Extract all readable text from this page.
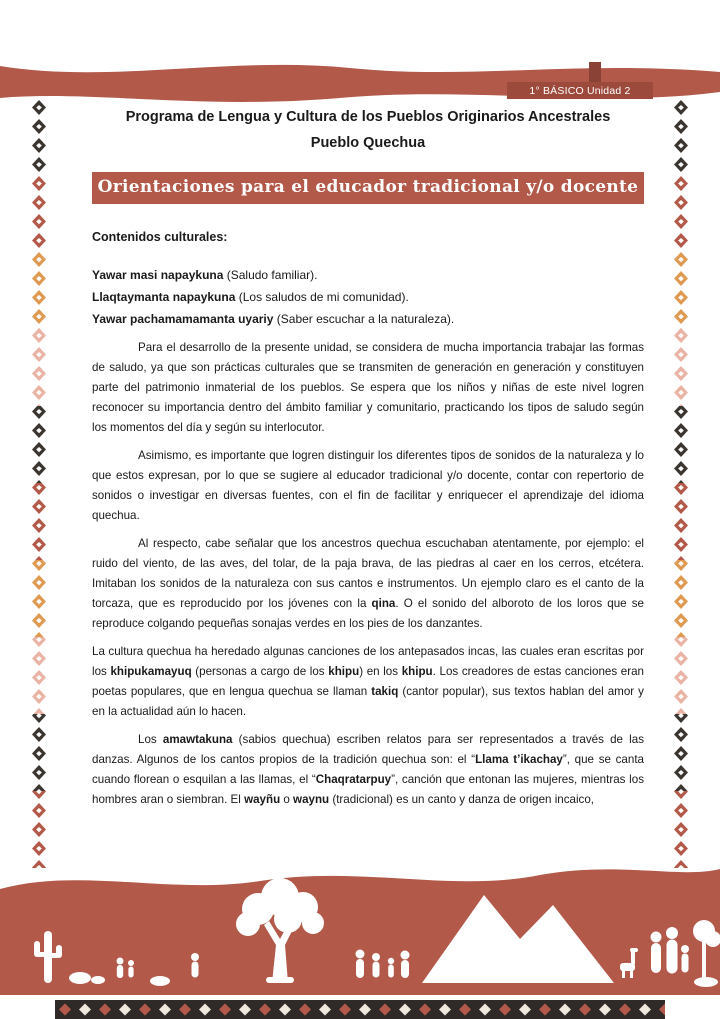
1° BÁSICO Unidad 2
Programa de Lengua y Cultura de los Pueblos Originarios Ancestrales
Pueblo Quechua
Orientaciones para el educador tradicional y/o docente
Contenidos culturales:
Yawar masi napaykuna (Saludo familiar).
Llaqtaymanta napaykuna (Los saludos de mi comunidad).
Yawar pachamamamanta uyariy (Saber escuchar a la naturaleza).

Para el desarrollo de la presente unidad, se considera de mucha importancia trabajar las formas de saludo, ya que son prácticas culturales que se transmiten de generación en generación y constituyen parte del patrimonio inmaterial de los pueblos. Se espera que los niños y niñas de este nivel logren reconocer su importancia dentro del ámbito familiar y comunitario, practicando los tipos de saludo según los momentos del día y según su interlocutor.

Asimismo, es importante que logren distinguir los diferentes tipos de sonidos de la naturaleza y lo que estos expresan, por lo que se sugiere al educador tradicional y/o docente, contar con repertorio de sonidos o investigar en diversas fuentes, con el fin de facilitar y enriquecer el aprendizaje del idioma quechua.

Al respecto, cabe señalar que los ancestros quechua escuchaban atentamente, por ejemplo: el ruido del viento, de las aves, del tolar, de la paja brava, de las piedras al caer en los cerros, etcétera. Imitaban los sonidos de la naturaleza con sus cantos e instrumentos. Un ejemplo claro es el canto de la torcaza, que es reproducido por los jóvenes con la qina. O el sonido del alboroto de los loros que se reproduce colgando pequeñas sonajas verdes en los pies de los danzantes.

La cultura quechua ha heredado algunas canciones de los antepasados incas, las cuales eran escritas por los khipukamayuq (personas a cargo de los khipu) en los khipu. Los creadores de estas canciones eran poetas populares, que en lengua quechua se llaman takiq (cantor popular), sus textos hablan del amor y en la actualidad aún lo hacen.

Los amawtakuna (sabios quechua) escriben relatos para ser representados a través de las danzas. Algunos de los cantos propios de la tradición quechua son: el “Llama t’ikachay”, que se canta cuando florean o esquilan a las llamas, el “Chaqratarpuy”, canción que entonan las mujeres, mientras los hombres aran o siembran. El wayñu o waynu (tradicional) es un canto y danza de origen incaico,
